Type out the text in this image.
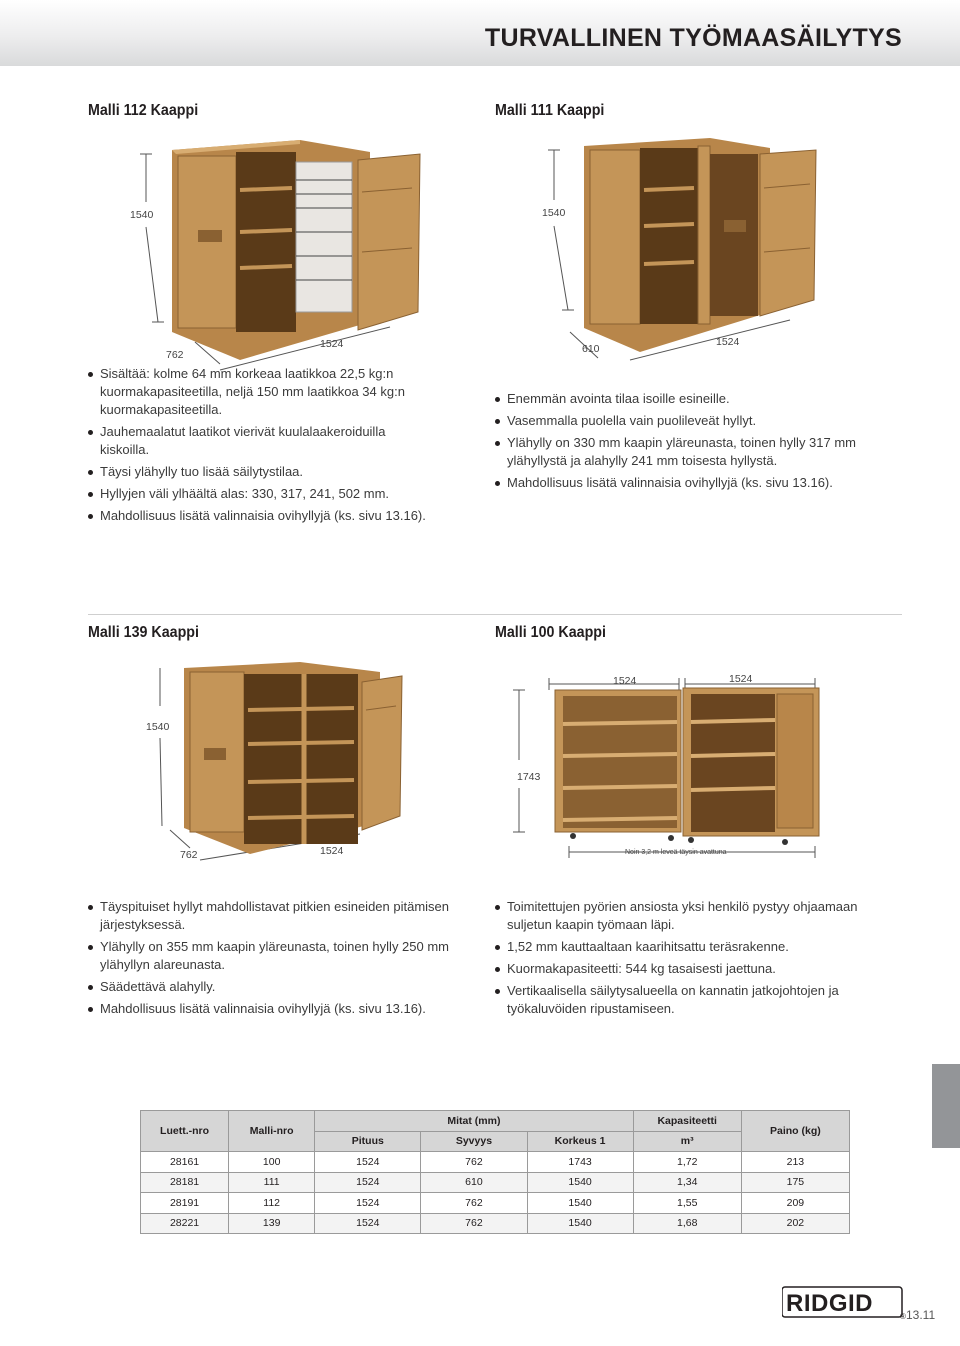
TURVALLINEN TYÖMAASÄILYTYS
Malli 112 Kaappi
1540
762
1524
Sisältää: kolme 64 mm korkeaa laatikkoa 22,5 kg:n kuormakapasiteetilla, neljä 150 mm laatikkoa 34 kg:n kuormakapasiteetilla.
Jauhemaalatut laatikot vierivät kuulalaakeroiduilla kiskoilla.
Täysi ylähylly tuo lisää säilytystilaa.
Hyllyjen väli ylhäältä alas: 330, 317, 241, 502 mm.
Mahdollisuus lisätä valinnaisia ovihyllyjä (ks. sivu 13.16).
Malli 111 Kaappi
1540
610
1524
Enemmän avointa tilaa isoille esineille.
Vasemmalla puolella vain puolileveät hyllyt.
Ylähylly on 330 mm kaapin yläreunasta, toinen hylly 317 mm ylähyllystä ja alahylly 241 mm toisesta hyllystä.
Mahdollisuus lisätä valinnaisia ovihyllyjä (ks. sivu 13.16).
Malli 139 Kaappi
1540
762	1524
Täyspituiset hyllyt mahdollistavat pitkien esineiden pitämisen järjestyksessä.
Ylähylly on 355 mm kaapin yläreunasta, toinen hylly 250 mm ylähyllyn alareunasta.
Säädettävä alahylly.
Mahdollisuus lisätä valinnaisia ovihyllyjä (ks. sivu 13.16).
Malli 100 Kaappi
1524	1524
1743
Noin 3,2 m leveä täysin avattuna
Toimitettujen pyörien ansiosta yksi henkilö pystyy ohjaamaan suljetun kaapin työmaan läpi.
1,52 mm kauttaaltaan kaarihitsattu teräsrakenne.
Kuormakapasiteetti: 544 kg tasaisesti jaettuna.
Vertikaalisella säilytysalueella on kannatin jatkojohtojen ja työkaluvöiden ripustamiseen.
Luett.-nro	Malli-nro	Mitat (mm)			Kapasiteetti	Paino (kg)
		Pituus	Syvyys	Korkeus 1	m³	
28161	100	1524	762	1743	1,72	213
28181	111	1524	610	1540	1,34	175
28191	112	1524	762	1540	1,55	209
28221	139	1524	762	1540	1,68	202
RIDGID	® 13.11
